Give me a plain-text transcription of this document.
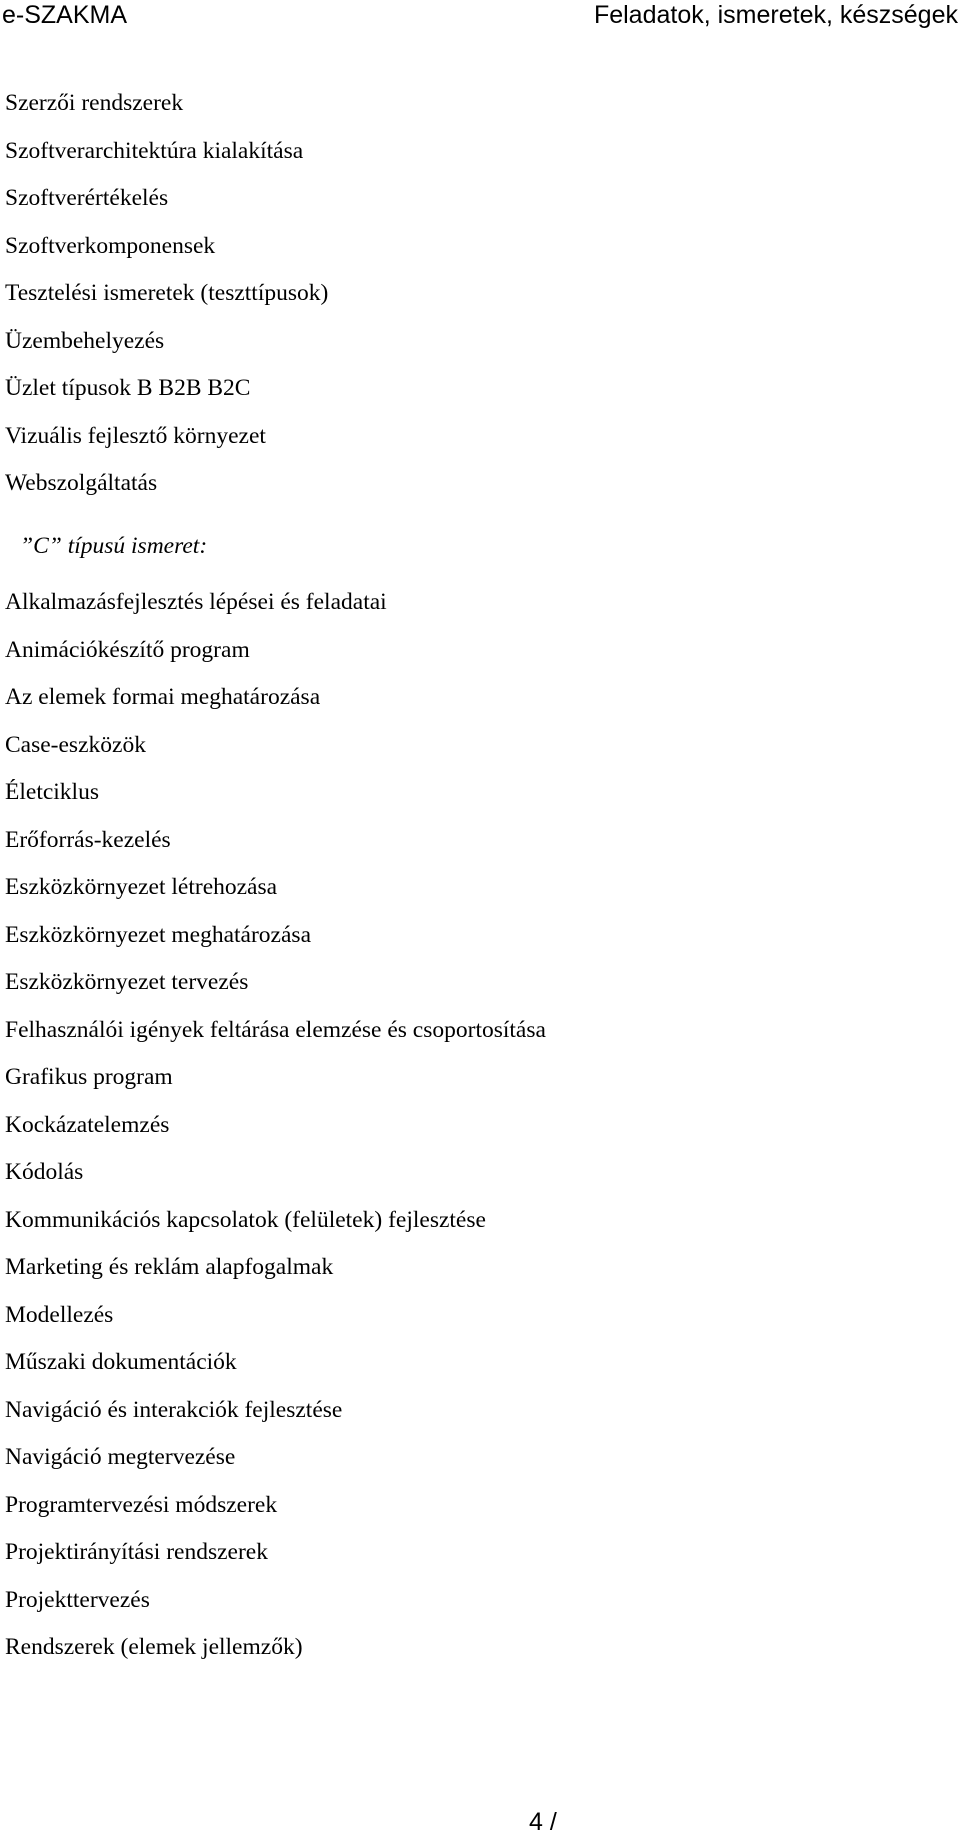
e-SZAKMA	Feladatok, ismeretek, készségek
Szerzői rendszerek
Szoftverarchitektúra kialakítása
Szoftverértékelés
Szoftverkomponensek
Tesztelési ismeretek (teszttípusok)
Üzembehelyezés
Üzlet típusok B B2B B2C
Vizuális fejlesztő környezet
Webszolgáltatás
”C” típusú ismeret:
Alkalmazásfejlesztés lépései és feladatai
Animációkészítő program
Az elemek formai meghatározása
Case-eszközök
Életciklus
Erőforrás-kezelés
Eszközkörnyezet létrehozása
Eszközkörnyezet meghatározása
Eszközkörnyezet tervezés
Felhasználói igények feltárása elemzése és csoportosítása
Grafikus program
Kockázatelemzés
Kódolás
Kommunikációs kapcsolatok (felületek) fejlesztése
Marketing és reklám alapfogalmak
Modellezés
Műszaki dokumentációk
Navigáció és interakciók fejlesztése
Navigáció megtervezése
Programtervezési módszerek
Projektirányítási rendszerek
Projekttervezés
Rendszerek (elemek jellemzők)
4 /
